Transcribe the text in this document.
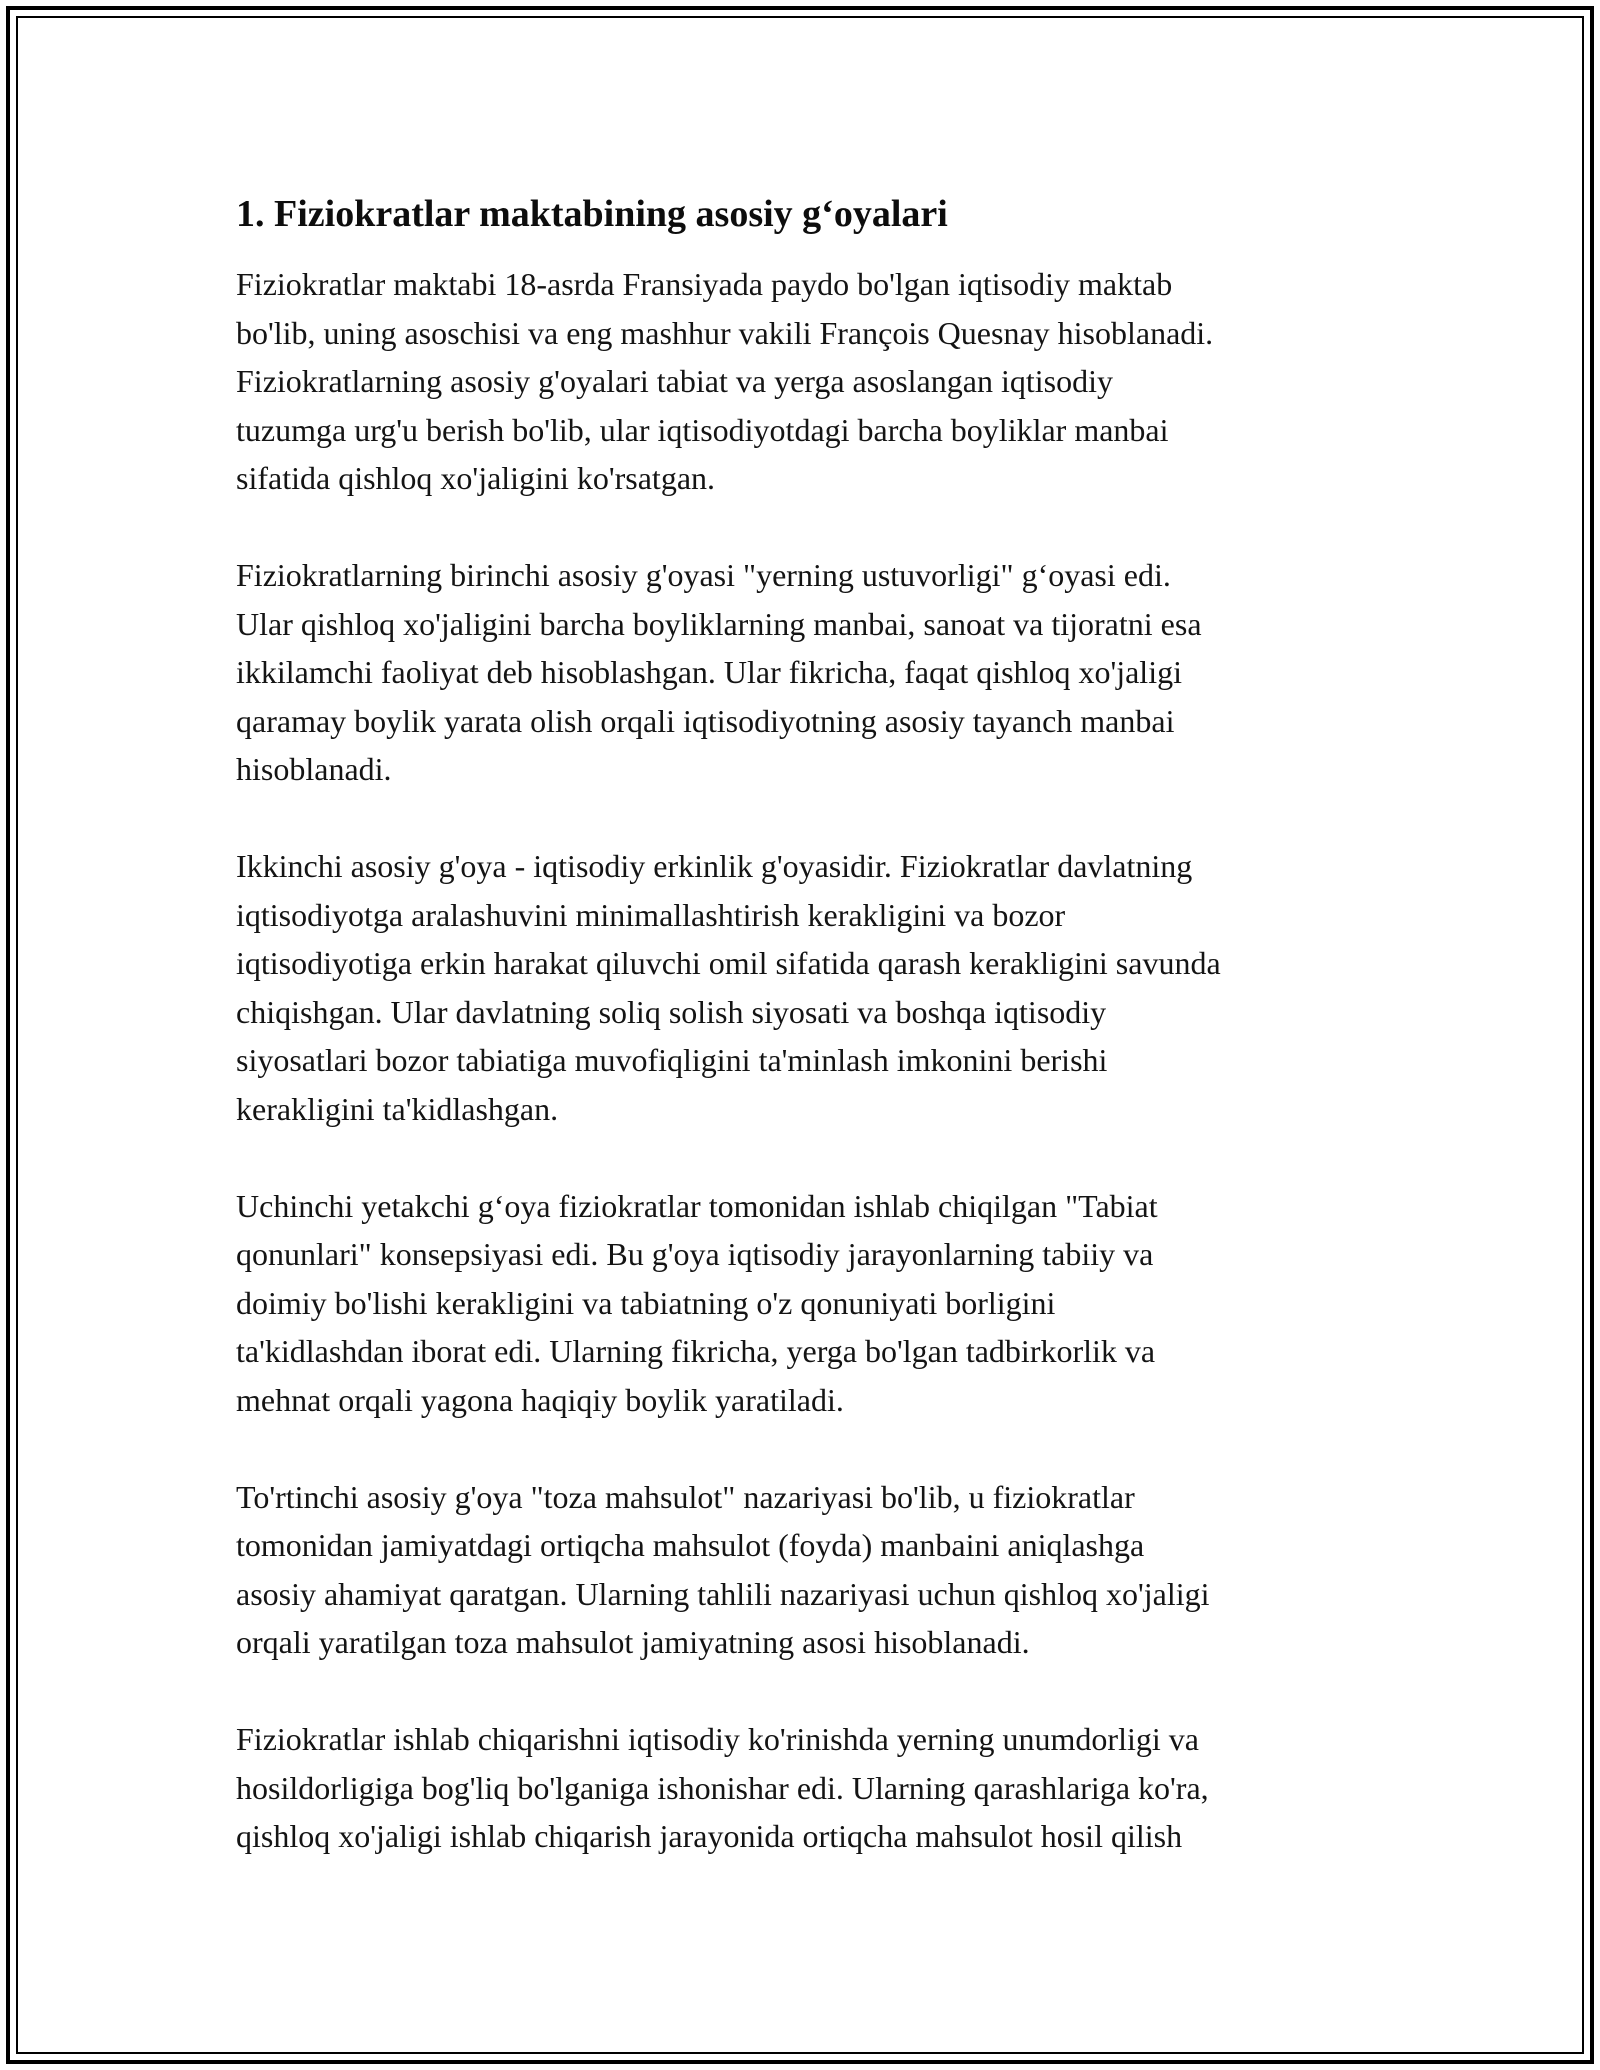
1. Fiziokratlar maktabining asosiy g‘oyalari

Fiziokratlar maktabi 18-asrda Fransiyada paydo bo'lgan iqtisodiy maktab
bo'lib, uning asoschisi va eng mashhur vakili François Quesnay hisoblanadi.
Fiziokratlarning asosiy g'oyalari tabiat va yerga asoslangan iqtisodiy
tuzumga urg'u berish bo'lib, ular iqtisodiyotdagi barcha boyliklar manbai
sifatida qishloq xo'jaligini ko'rsatgan.

Fiziokratlarning birinchi asosiy g'oyasi "yerning ustuvorligi" g‘oyasi edi.
Ular qishloq xo'jaligini barcha boyliklarning manbai, sanoat va tijoratni esa
ikkilamchi faoliyat deb hisoblashgan. Ular fikricha, faqat qishloq xo'jaligi
qaramay boylik yarata olish orqali iqtisodiyotning asosiy tayanch manbai
hisoblanadi.

Ikkinchi asosiy g'oya - iqtisodiy erkinlik g'oyasidir. Fiziokratlar davlatning
iqtisodiyotga aralashuvini minimallashtirish kerakligini va bozor
iqtisodiyotiga erkin harakat qiluvchi omil sifatida qarash kerakligini savunda
chiqishgan. Ular davlatning soliq solish siyosati va boshqa iqtisodiy
siyosatlari bozor tabiatiga muvofiqligini ta'minlash imkonini berishi
kerakligini ta'kidlashgan.

Uchinchi yetakchi g‘oya fiziokratlar tomonidan ishlab chiqilgan "Tabiat
qonunlari" konsepsiyasi edi. Bu g'oya iqtisodiy jarayonlarning tabiiy va
doimiy bo'lishi kerakligini va tabiatning o'z qonuniyati borligini
ta'kidlashdan iborat edi. Ularning fikricha, yerga bo'lgan tadbirkorlik va
mehnat orqali yagona haqiqiy boylik yaratiladi.

To'rtinchi asosiy g'oya "toza mahsulot" nazariyasi bo'lib, u fiziokratlar
tomonidan jamiyatdagi ortiqcha mahsulot (foyda) manbaini aniqlashga
asosiy ahamiyat qaratgan. Ularning tahlili nazariyasi uchun qishloq xo'jaligi
orqali yaratilgan toza mahsulot jamiyatning asosi hisoblanadi.

Fiziokratlar ishlab chiqarishni iqtisodiy ko'rinishda yerning unumdorligi va
hosildorligiga bog'liq bo'lganiga ishonishar edi. Ularning qarashlariga ko'ra,
qishloq xo'jaligi ishlab chiqarish jarayonida ortiqcha mahsulot hosil qilish
